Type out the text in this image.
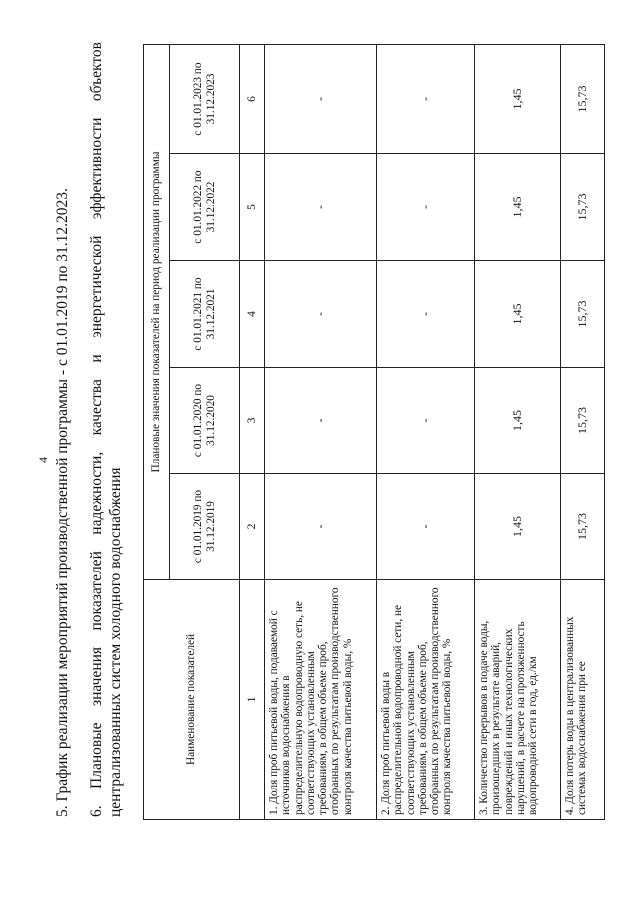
4 5. График реализации мероприятий производственной программы - с 01.01.2019 по 31.12.2023. 6. Плановые значения показателей надежности, качества и энергетической эффективности объектов централизованных систем холодного водоснабжения	Наименование показателей	Плановые значения показателей на период реализации программы				
	с 01.01.2019 по 31.12.2019	с 01.01.2020 по 31.12.2020	с 01.01.2021 по 31.12.2021	с 01.01.2022 по 31.12.2022	с 01.01.2023 по 31.12.2023
1	2	3	4	5	6
1. Доля проб питьевой воды, подаваемой с источников водоснабжения в распределительную водопроводную сеть, не соответствующих установленным требованиям, в общем объеме проб, отобранных по результатам производственного контроля качества питьевой воды, %	-	-	-	-	-
2. Доля проб питьевой воды в распределительной водопроводной сети, не соответствующих установленным требованиям, в общем объеме проб, отобранных по результатам производственного контроля качества питьевой воды, %	-	-	-	-	-
3. Количество перерывов в подаче воды, произошедших в результате аварий, повреждений и иных технологических нарушений, в расчете на протяженность водопроводной сети в год, ед./км	1,45	1,45	1,45	1,45	1,45
4. Доля потерь воды в централизованных системах водоснабжения при ее	15,73	15,73	15,73	15,73	15,73
